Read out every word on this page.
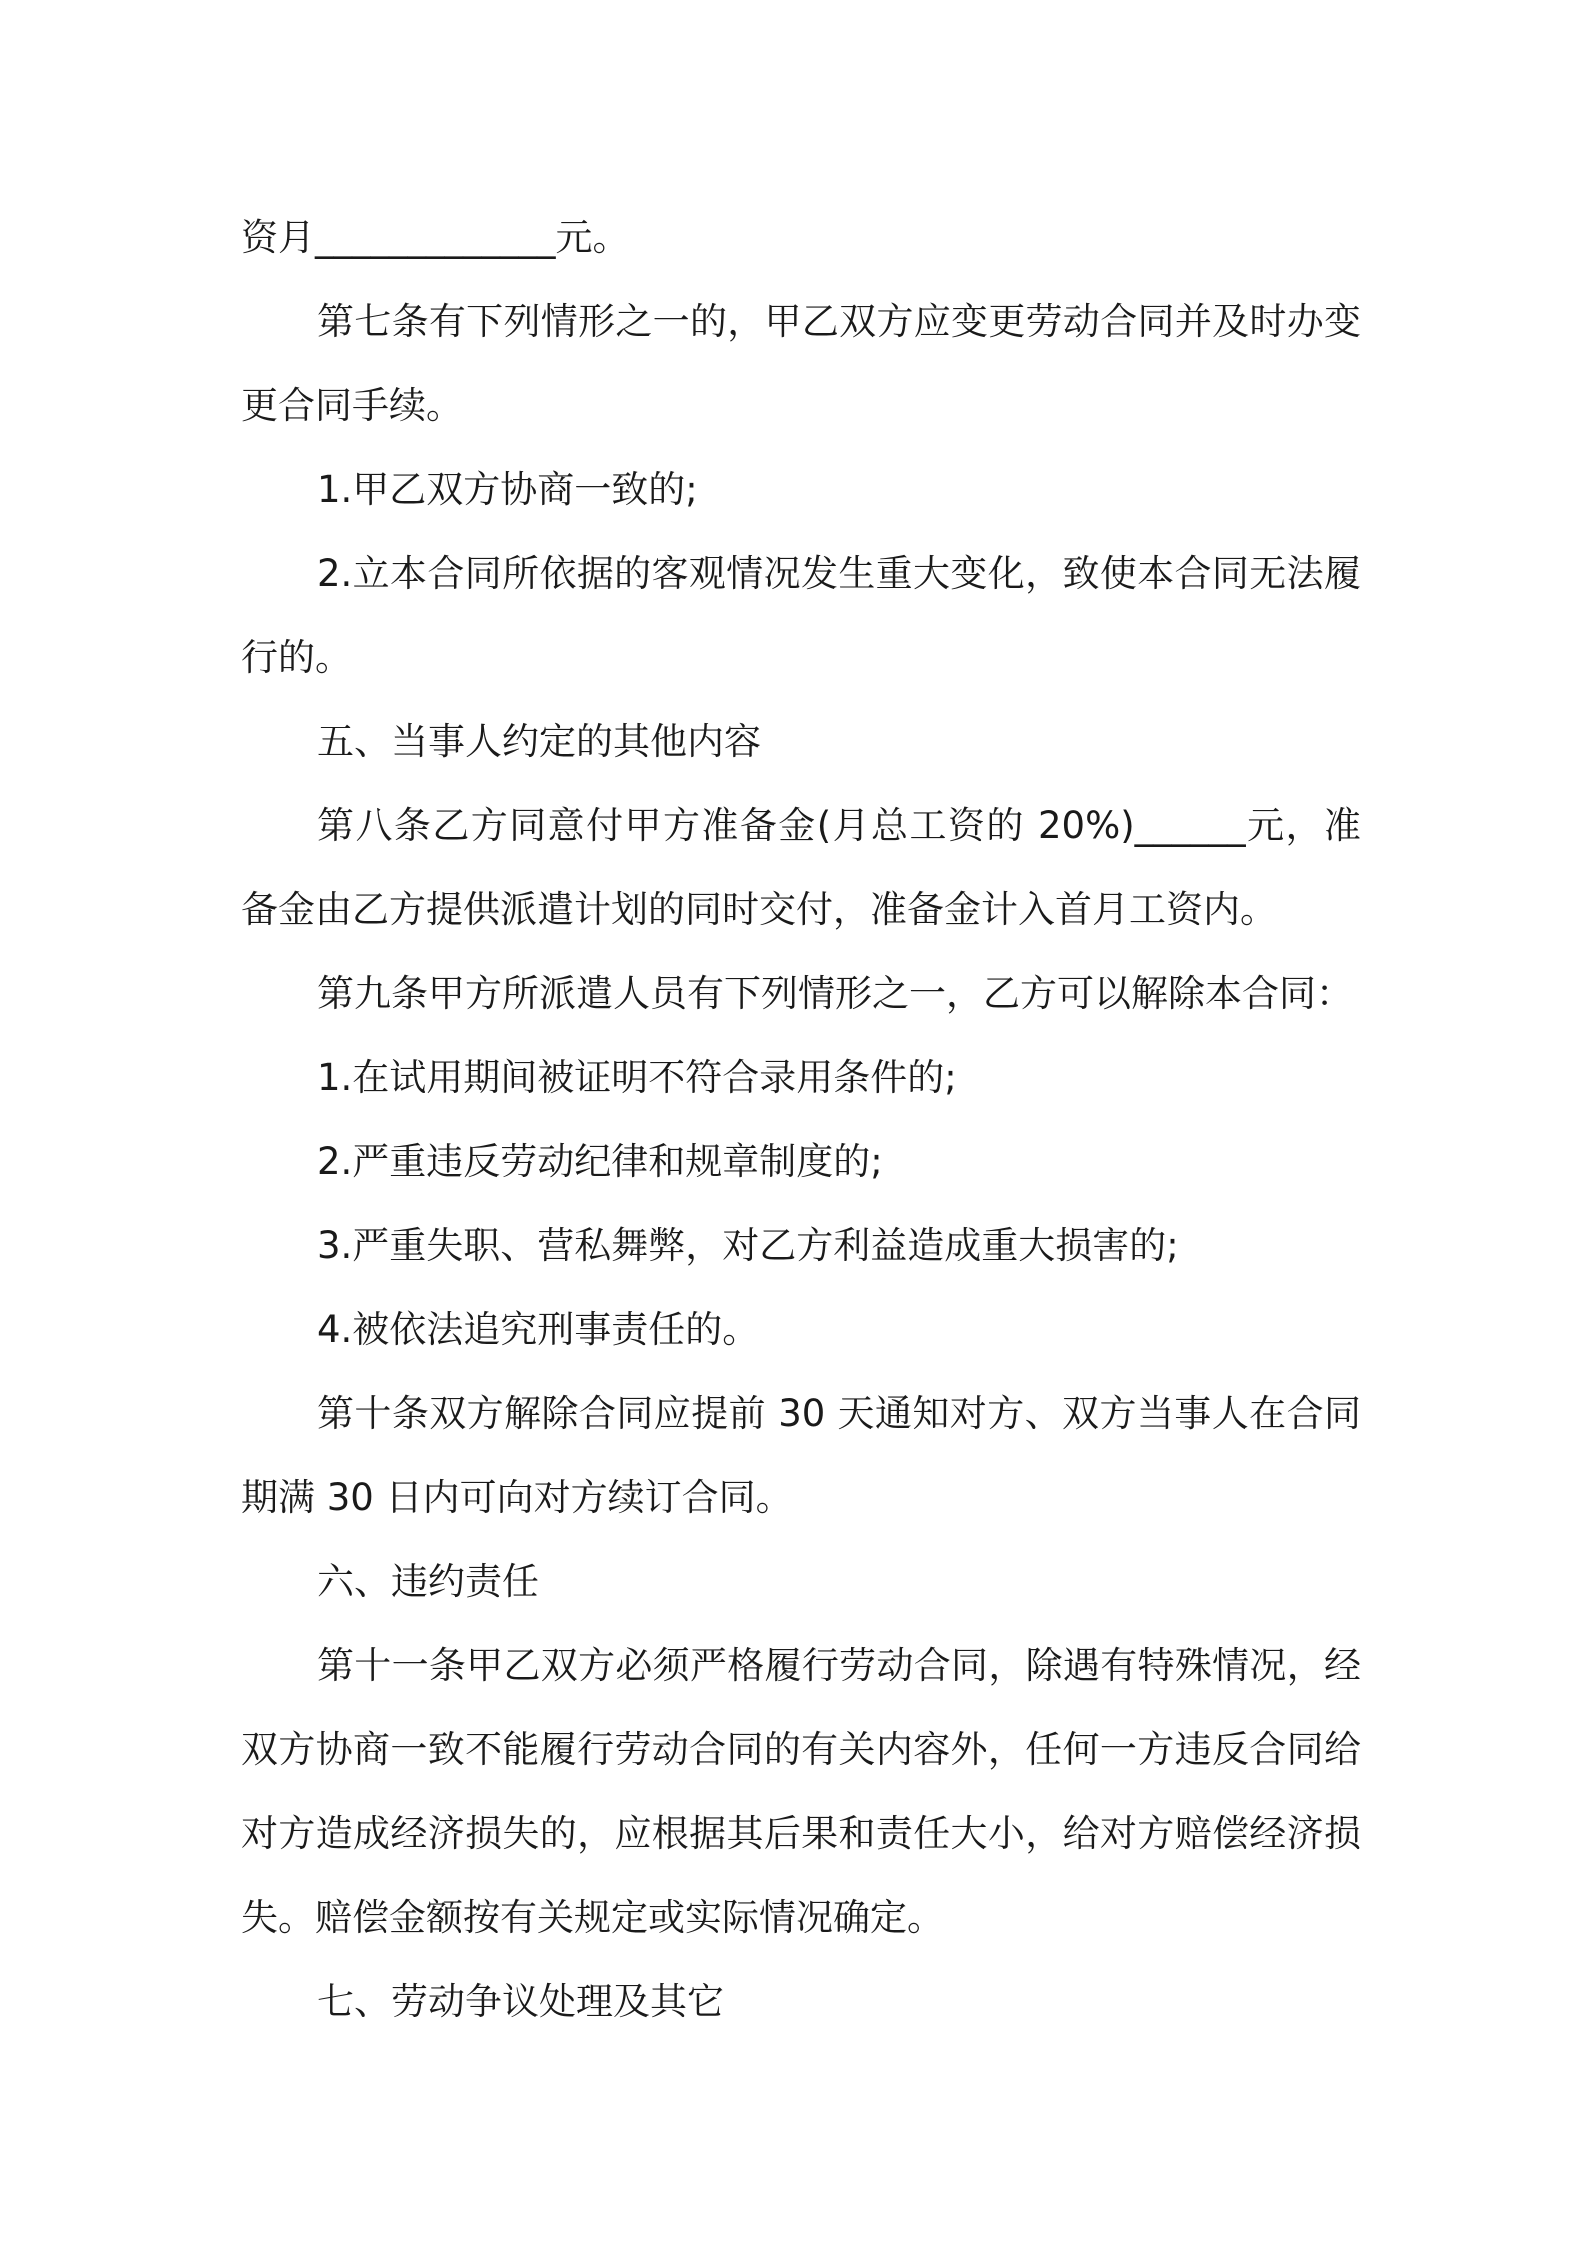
资月_____________元。
第七条有下列情形之一的，甲乙双方应变更劳动合同并及时办变
更合同手续。
1.甲乙双方协商一致的;
2.立本合同所依据的客观情况发生重大变化，致使本合同无法履
行的。
五、当事人约定的其他内容
第八条乙方同意付甲方准备金(月总工资的 20%)______元，准
备金由乙方提供派遣计划的同时交付，准备金计入首月工资内。
第九条甲方所派遣人员有下列情形之一，乙方可以解除本合同：
1.在试用期间被证明不符合录用条件的;
2.严重违反劳动纪律和规章制度的;
3.严重失职、营私舞弊，对乙方利益造成重大损害的;
4.被依法追究刑事责任的。
第十条双方解除合同应提前 30 天通知对方、双方当事人在合同
期满 30 日内可向对方续订合同。
六、违约责任
第十一条甲乙双方必须严格履行劳动合同，除遇有特殊情况，经
双方协商一致不能履行劳动合同的有关内容外，任何一方违反合同给
对方造成经济损失的，应根据其后果和责任大小，给对方赔偿经济损
失。赔偿金额按有关规定或实际情况确定。
七、劳动争议处理及其它
